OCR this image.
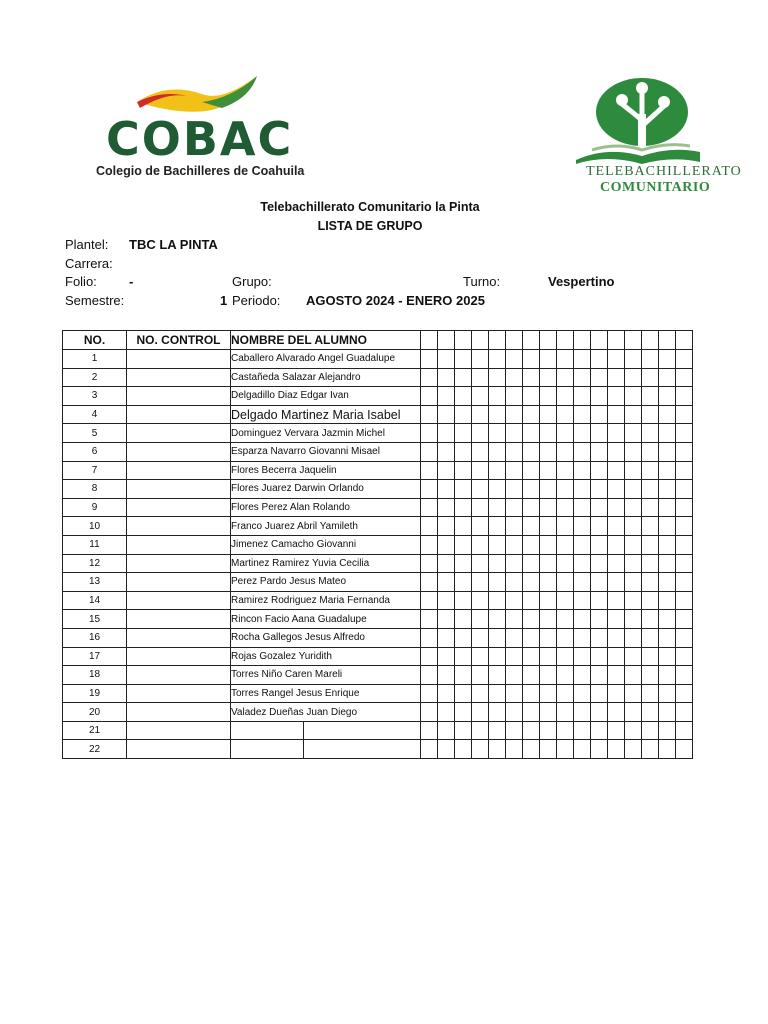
COBAC
Colegio de Bachilleres de Coahuila	TELEBACHILLERATO
COMUNITARIO
Telebachillerato Comunitario la Pinta
LISTA DE GRUPO
Plantel: TBC LA PINTA
Carrera:
Folio: -	Grupo:	Turno:	Vespertino
Semestre:	1 Periodo: AGOSTO 2024 - ENERO 2025
NO.	NO. CONTROL	NOMBRE DEL ALUMNO																	
1		Caballero Alvarado Angel Guadalupe																	
2		Castañeda Salazar Alejandro																	
3		Delgadillo Diaz Edgar Ivan																	
4		Delgado Martinez Maria Isabel																	
5		Dominguez Vervara Jazmin Michel																	
6		Esparza Navarro Giovanni Misael																	
7		Flores Becerra Jaquelin																	
8		Flores Juarez Darwin Orlando																	
9		Flores Perez Alan Rolando																	
10		Franco Juarez Abril Yamileth																	
11		Jimenez Camacho Giovanni																	
12		Martinez Ramirez Yuvia Cecilia																	
13		Perez Pardo Jesus Mateo																	
14		Ramirez Rodriguez Maria Fernanda																	
15		Rincon Facio Aana Guadalupe																	
16		Rocha Gallegos Jesus Alfredo																	
17		Rojas Gozalez Yuridith																	
18		Torres Niño Caren Mareli																	
19		Torres Rangel Jesus Enrique																	
20		Valadez Dueñas Juan Diego																	
21																			
22																			
